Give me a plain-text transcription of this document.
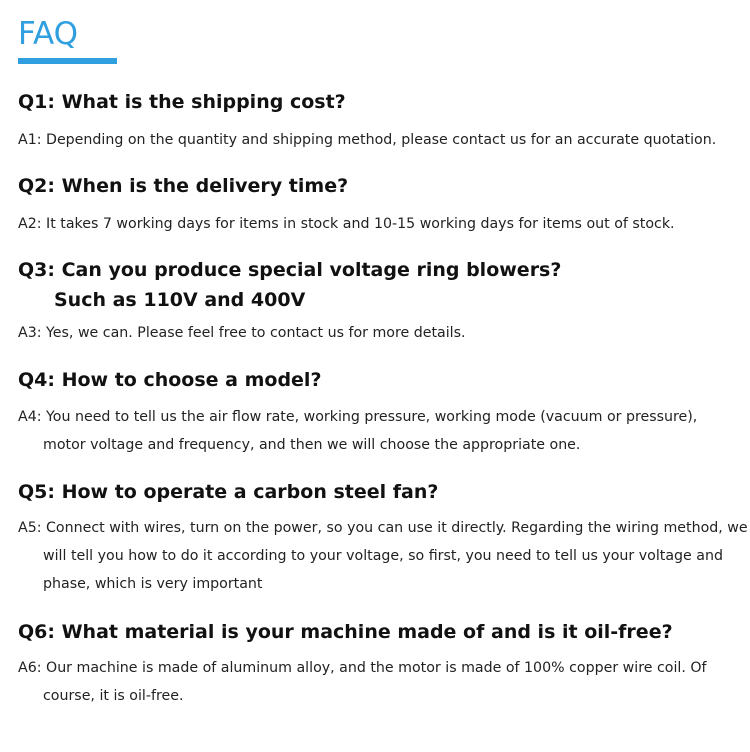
FAQ

Q1: What is the shipping cost?

A1: Depending on the quantity and shipping method, please contact us for an accurate quotation.

Q2: When is the delivery time?

A2: It takes 7 working days for items in stock and 10-15 working days for items out of stock.

Q3: Can you produce special voltage ring blowers? Such as 110V and 400V

A3: Yes, we can. Please feel free to contact us for more details.

Q4: How to choose a model?

A4: You need to tell us the air flow rate, working pressure, working mode (vacuum or pressure), motor voltage and frequency, and then we will choose the appropriate one.

Q5: How to operate a carbon steel fan?

A5: Connect with wires, turn on the power, so you can use it directly. Regarding the wiring method, we will tell you how to do it according to your voltage, so first, you need to tell us your voltage and phase, which is very important

Q6: What material is your machine made of and is it oil-free?

A6: Our machine is made of aluminum alloy, and the motor is made of 100% copper wire coil. Of course, it is oil-free.
